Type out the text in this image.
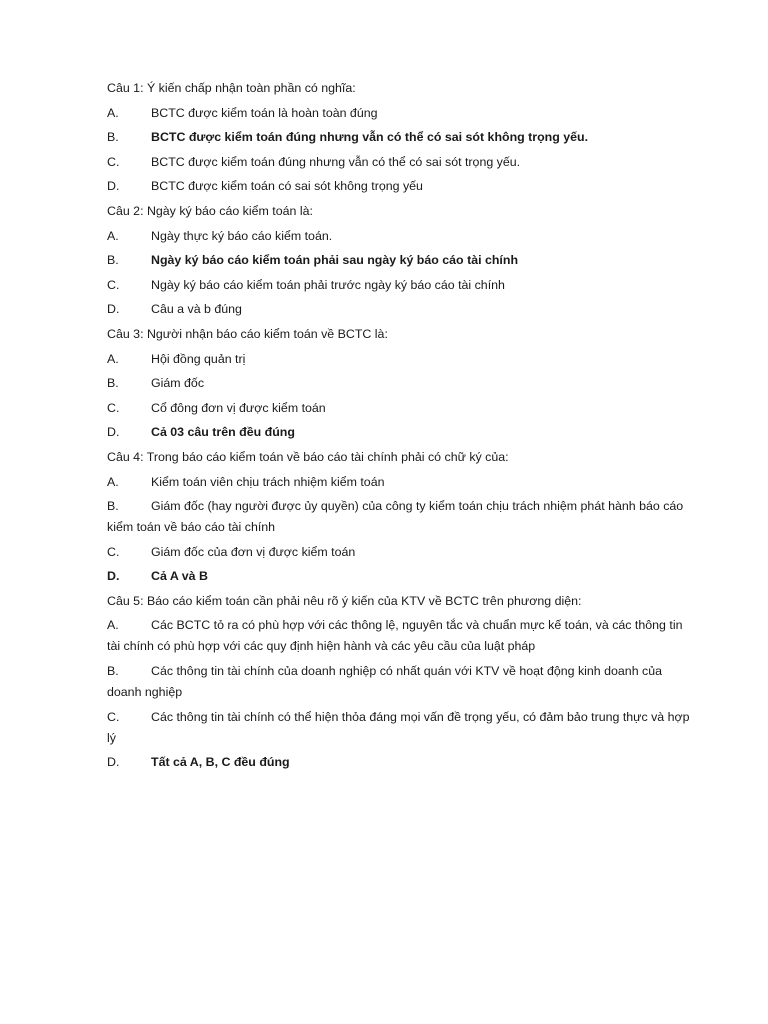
Câu 1: Ý kiến chấp nhận toàn phần có nghĩa:
A.	BCTC được kiểm toán là hoàn toàn đúng
B.	BCTC được kiểm toán đúng nhưng vẫn có thể có sai sót không trọng yếu.
C.	BCTC được kiểm toán đúng nhưng vẫn có thể có sai sót trọng yếu.
D.	BCTC được kiểm toán có sai sót không trọng yếu
Câu 2: Ngày ký báo cáo kiểm toán là:
A.	Ngày thực ký báo cáo kiểm toán.
B.	Ngày ký báo cáo kiểm toán phải sau ngày ký báo cáo tài chính
C.	Ngày ký báo cáo kiểm toán phải trước ngày ký báo cáo tài chính
D.	Câu a và b đúng
Câu 3: Người nhận báo cáo kiểm toán về BCTC là:
A.	Hội đồng quản trị
B.	Giám đốc
C.	Cổ đông đơn vị được kiểm toán
D.	Cả 03 câu trên đều đúng
Câu 4: Trong báo cáo kiểm toán về báo cáo tài chính phải có chữ ký của:
A.	Kiểm toán viên chịu trách nhiệm kiểm toán
B.	Giám đốc (hay người được ủy quyền) của công ty kiểm toán chịu trách nhiệm phát hành báo cáo kiểm toán về báo cáo tài chính
C.	Giám đốc của đơn vị được kiểm toán
D.	Cả A và B
Câu 5: Báo cáo kiểm toán cần phải nêu rõ ý kiến của KTV về BCTC trên phương diện:
A.	Các BCTC tỏ ra có phù hợp với các thông lệ, nguyên tắc và chuẩn mực kế toán, và các thông tin tài chính có phù hợp với các quy định hiện hành và các yêu cầu của luật pháp
B.	Các thông tin tài chính của doanh nghiệp có nhất quán với KTV về hoạt động kinh doanh của doanh nghiệp
C.	Các thông tin tài chính có thể hiện thỏa đáng mọi vấn đề trọng yếu, có đảm bảo trung thực và hợp lý
D.	Tất cả A, B, C đều đúng
